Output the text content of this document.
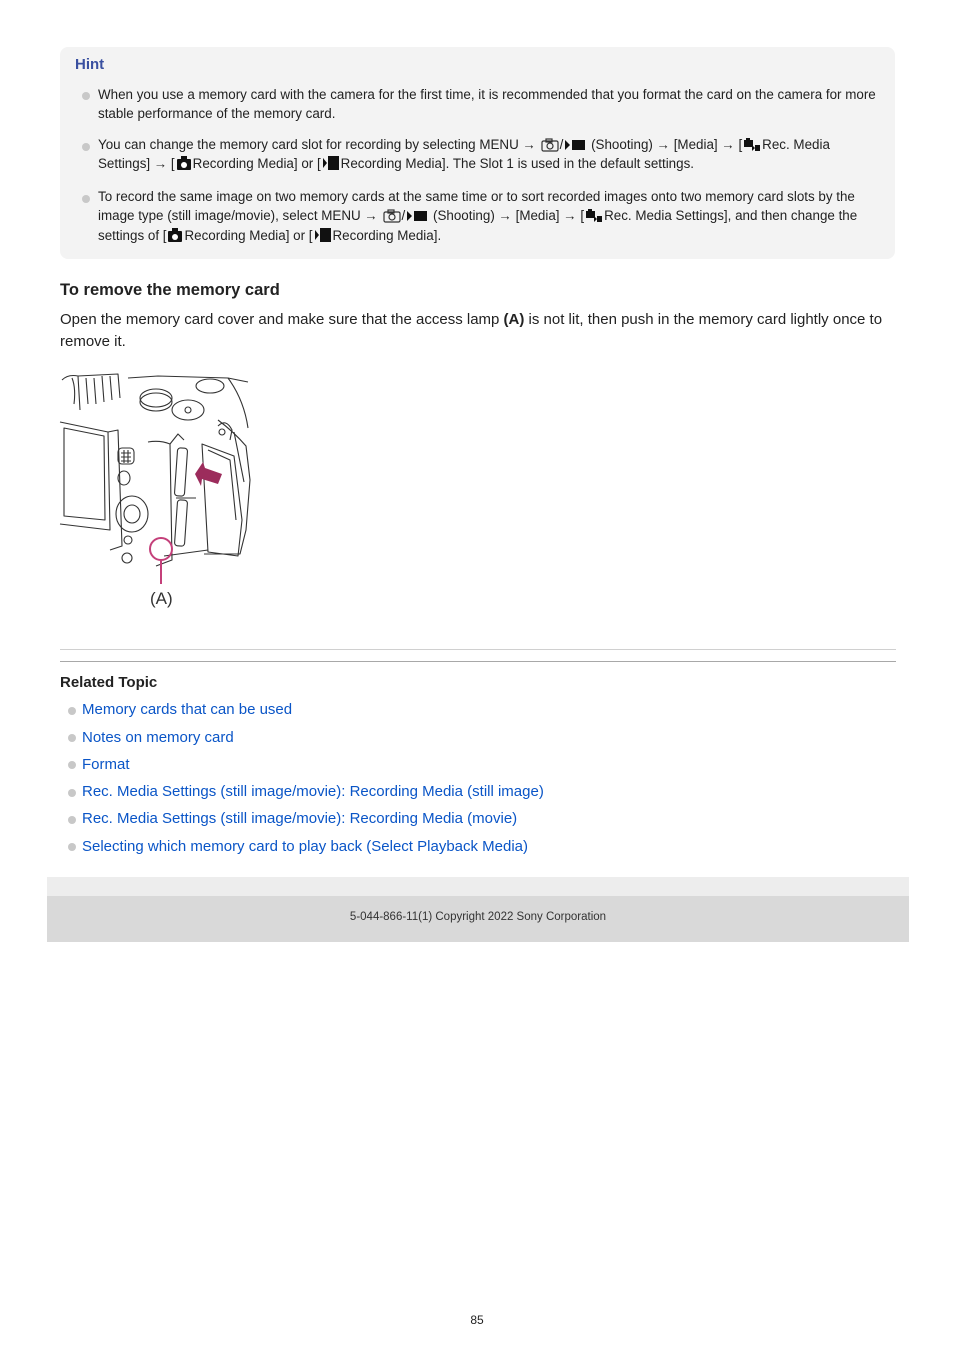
Hint
When you use a memory card with the camera for the first time, it is recommended that you format the card on the camera for more stable performance of the memory card.
You can change the memory card slot for recording by selecting MENU → / (Shooting) → [Media] → [ Rec. Media Settings] → [ Recording Media] or [ Recording Media]. The Slot 1 is used in the default settings.
To record the same image on two memory cards at the same time or to sort recorded images onto two memory card slots by the image type (still image/movie), select MENU → / (Shooting) → [Media] → [ Rec. Media Settings], and then change the settings of [ Recording Media] or [ Recording Media].
To remove the memory card
Open the memory card cover and make sure that the access lamp (A) is not lit, then push in the memory card lightly once to remove it.
(A)
Related Topic
Memory cards that can be used
Notes on memory card
Format
Rec. Media Settings (still image/movie): Recording Media (still image)
Rec. Media Settings (still image/movie): Recording Media (movie)
Selecting which memory card to play back (Select Playback Media)
5-044-866-11(1) Copyright 2022 Sony Corporation
85
